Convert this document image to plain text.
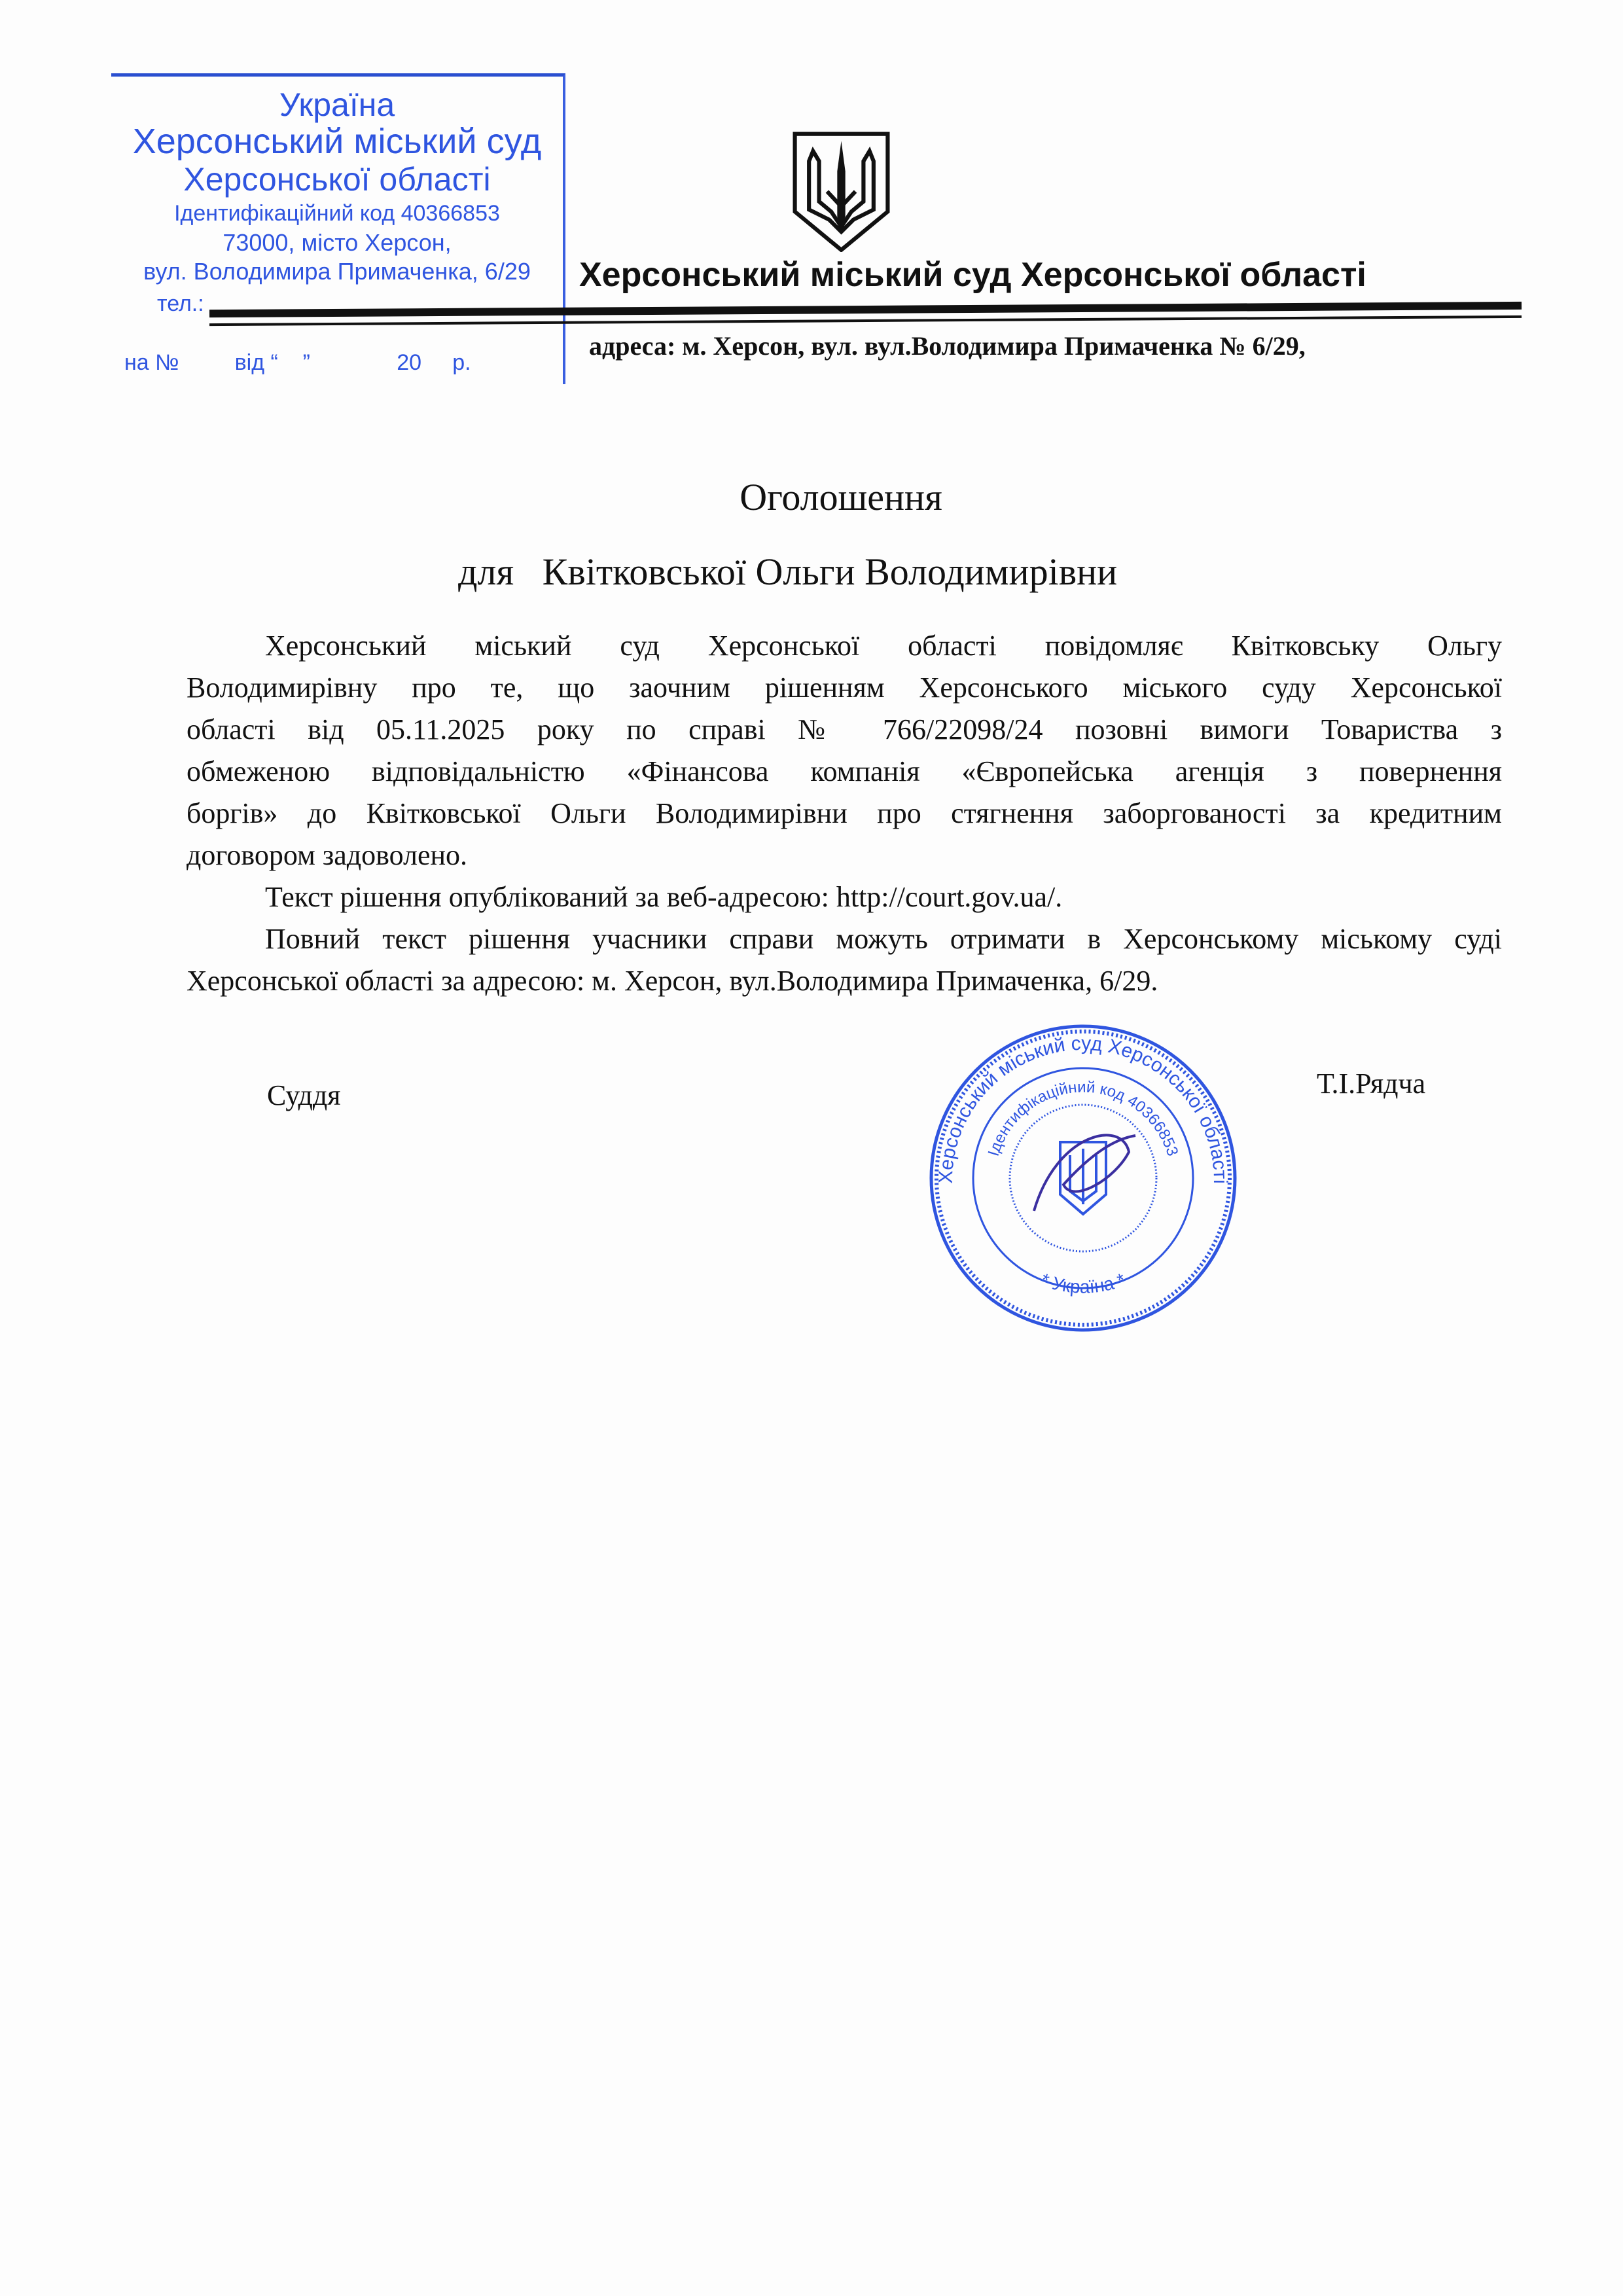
Україна
Херсонський міський суд
Херсонської області
Ідентифікаційний код 40366853
73000, місто Херсон,
вул. Володимира Примаченка, 6/29
тел.:
на №         від “    ”              20     р.
Херсонський міський суд Херсонської області
адреса: м. Херсон, вул. вул.Володимира Примаченка № 6/29,
Оголошення
для   Квітковської Ольги Володимирівни
Херсонський міський суд Херсонської області повідомляє Квітковську Ольгу
Володимирівну про те, що заочним рішенням Херсонського міського суду Херсонської
області від 05.11.2025 року по справі № 766/22098/24 позовні вимоги Товариства з
обмеженою відповідальністю «Фінансова компанія «Європейська агенція з повернення
боргів» до Квітковської Ольги Володимирівни про стягнення заборгованості за кредитним
договором задоволено.
Текст рішення опублікований за веб-адресою: http://court.gov.ua/.
Повний текст рішення учасники справи можуть отримати в Херсонському міському суді
Херсонської області за адресою: м. Херсон, вул.Володимира Примаченка, 6/29.
Суддя	Т.І.Рядча
Херсонський міський суд Херсонської області
Ідентифікаційний код 40366853
* Україна *
